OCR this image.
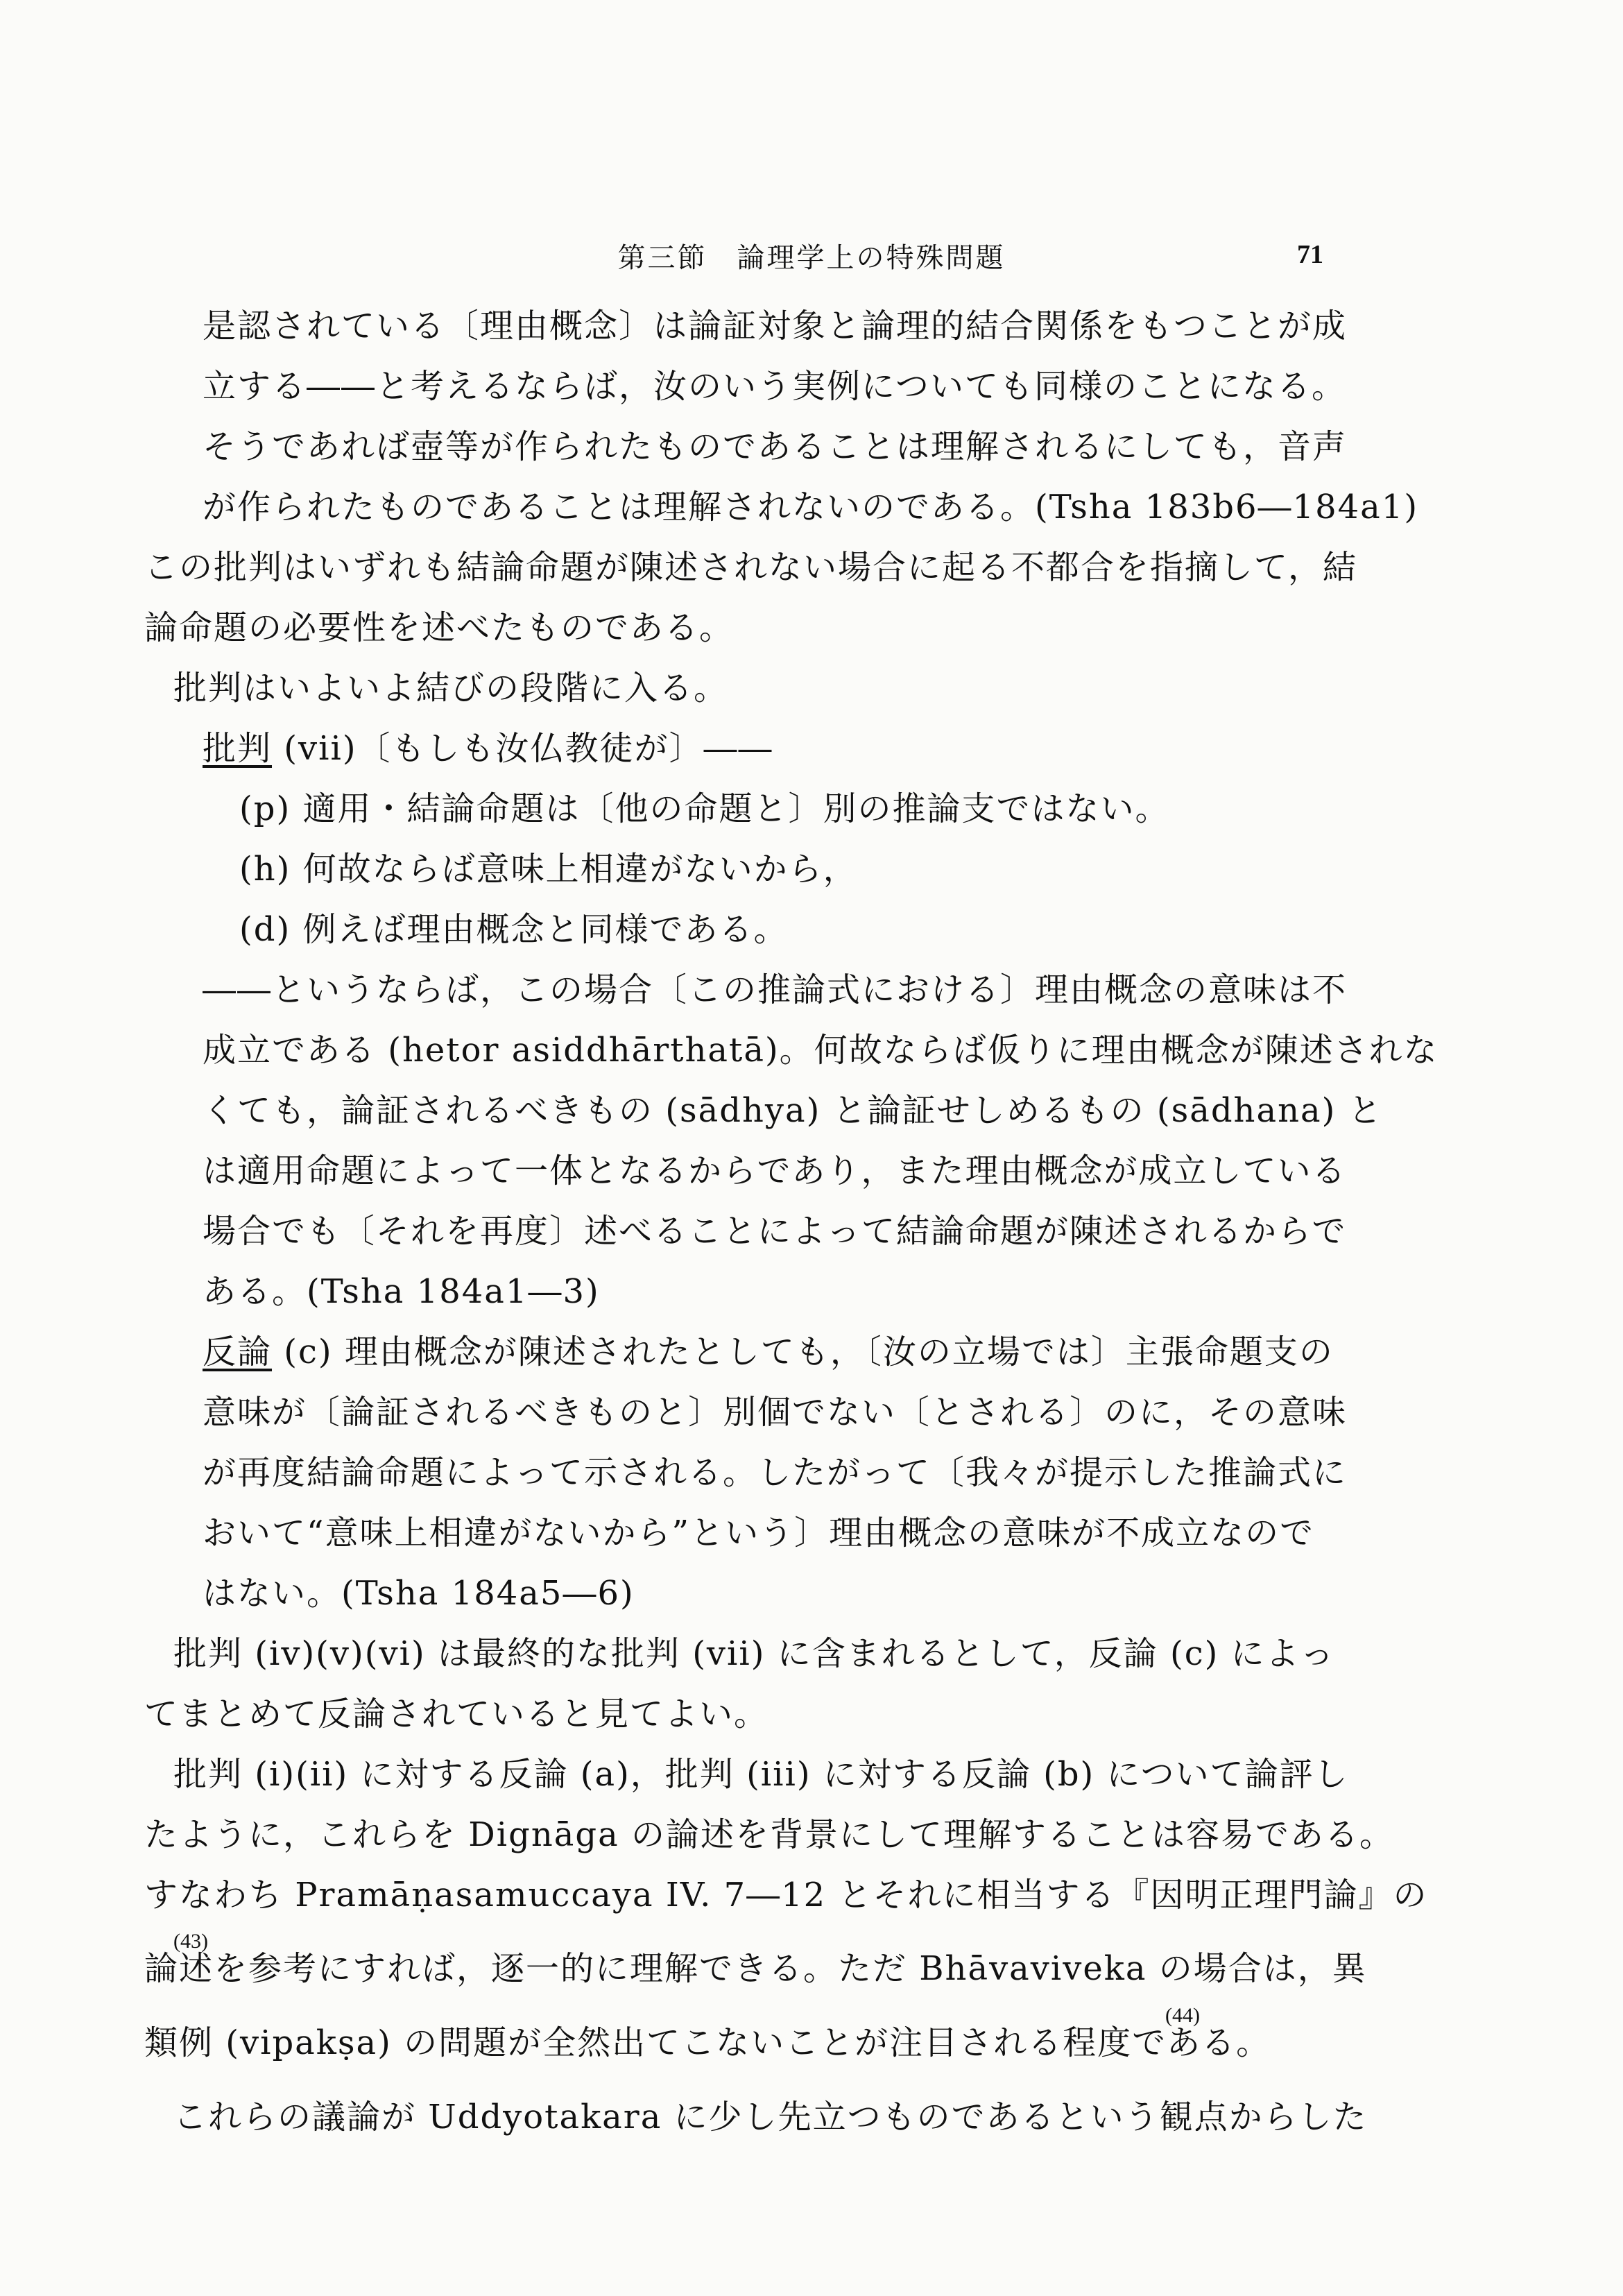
第三節　論理学上の特殊問題	71
是認されている〔理由概念〕は論証対象と論理的結合関係をもつことが成
立する――と考えるならば，汝のいう実例についても同様のことになる。
そうであれば壺等が作られたものであることは理解されるにしても，音声
が作られたものであることは理解されないのである。(Tsha 183b6―184a1)
この批判はいずれも結論命題が陳述されない場合に起る不都合を指摘して，結
論命題の必要性を述べたものである。
批判はいよいよ結びの段階に入る。
批判 (vii)〔もしも汝仏教徒が〕――
(p) 適用・結論命題は〔他の命題と〕別の推論支ではない。
(h) 何故ならば意味上相違がないから，
(d) 例えば理由概念と同様である。
――というならば，この場合〔この推論式における〕理由概念の意味は不
成立である (hetor asiddhārthatā)。何故ならば仮りに理由概念が陳述されな
くても，論証されるべきもの (sādhya) と論証せしめるもの (sādhana) と
は適用命題によって一体となるからであり，また理由概念が成立している
場合でも〔それを再度〕述べることによって結論命題が陳述されるからで
ある。(Tsha 184a1―3)
反論 (c) 理由概念が陳述されたとしても，〔汝の立場では〕主張命題支の
意味が〔論証されるべきものと〕別個でない〔とされる〕のに，その意味
が再度結論命題によって示される。したがって〔我々が提示した推論式に
おいて“意味上相違がないから”という〕理由概念の意味が不成立なので
はない。(Tsha 184a5―6)
批判 (iv)(v)(vi) は最終的な批判 (vii) に含まれるとして，反論 (c) によっ
てまとめて反論されていると見てよい。
批判 (i)(ii) に対する反論 (a)，批判 (iii) に対する反論 (b) について論評し
たように，これらを Dignāga の論述を背景にして理解することは容易である。
すなわち Pramāṇasamuccaya IV. 7―12 とそれに相当する『因明正理門論』の
(43)
論述を参考にすれば，逐一的に理解できる。ただ Bhāvaviveka の場合は，異
(44)
類例 (vipakṣa) の問題が全然出てこないことが注目される程度である。
これらの議論が Uddyotakara に少し先立つものであるという観点からした
